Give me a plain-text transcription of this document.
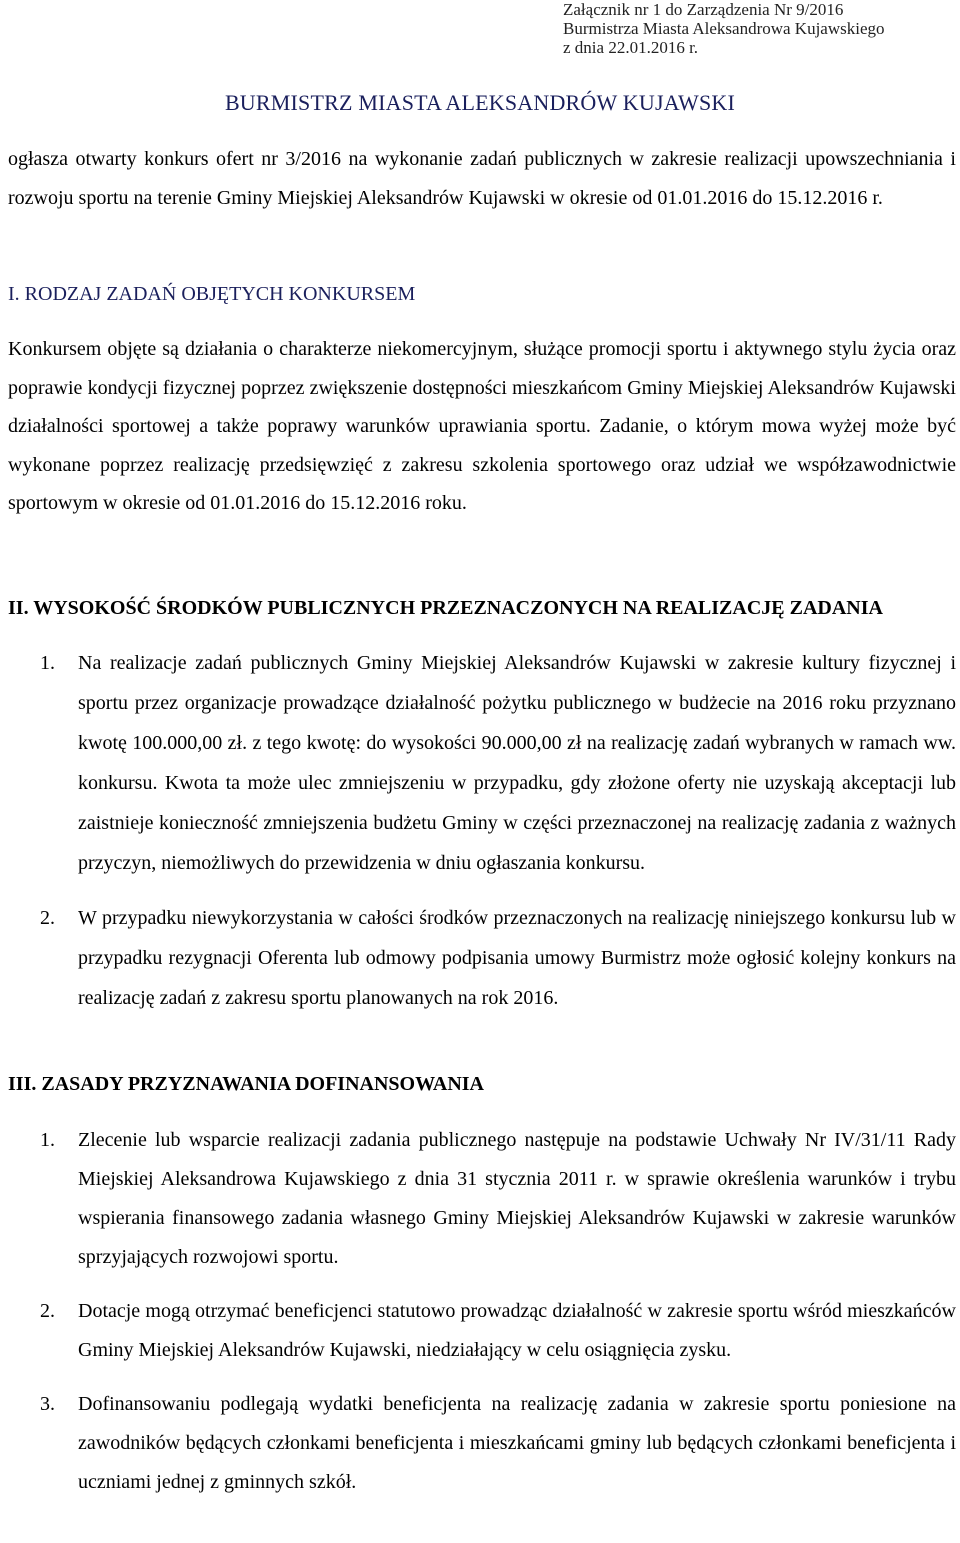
Załącznik nr 1 do Zarządzenia Nr 9/2016
Burmistrza Miasta Aleksandrowa Kujawskiego
z dnia 22.01.2016 r.
BURMISTRZ MIASTA ALEKSANDRÓW KUJAWSKI
ogłasza otwarty konkurs ofert nr 3/2016 na wykonanie zadań publicznych w zakresie realizacji upowszechniania i rozwoju sportu na terenie Gminy Miejskiej Aleksandrów Kujawski w okresie od 01.01.2016 do 15.12.2016 r.
I. RODZAJ ZADAŃ OBJĘTYCH KONKURSEM
Konkursem objęte są działania o charakterze niekomercyjnym, służące promocji sportu i aktywnego stylu życia oraz poprawie kondycji fizycznej poprzez zwiększenie dostępności mieszkańcom Gminy Miejskiej Aleksandrów Kujawski działalności sportowej a także poprawy warunków uprawiania sportu. Zadanie, o którym mowa wyżej może być wykonane poprzez realizację przedsięwzięć z zakresu szkolenia sportowego oraz udział we współzawodnictwie sportowym w okresie od 01.01.2016 do 15.12.2016 roku.
II. WYSOKOŚĆ ŚRODKÓW PUBLICZNYCH PRZEZNACZONYCH NA REALIZACJĘ ZADANIA
1. Na realizacje zadań publicznych Gminy Miejskiej Aleksandrów Kujawski w zakresie kultury fizycznej i sportu przez organizacje prowadzące działalność pożytku publicznego w budżecie na 2016 roku przyznano kwotę 100.000,00 zł. z tego kwotę: do wysokości 90.000,00 zł na realizację zadań wybranych w ramach ww. konkursu. Kwota ta może ulec zmniejszeniu w przypadku, gdy złożone oferty nie uzyskają akceptacji lub zaistnieje konieczność zmniejszenia budżetu Gminy w części przeznaczonej na realizację zadania z ważnych przyczyn, niemożliwych do przewidzenia w dniu ogłaszania konkursu.
2. W przypadku niewykorzystania w całości środków przeznaczonych na realizację niniejszego konkursu lub w przypadku rezygnacji Oferenta lub odmowy podpisania umowy Burmistrz może ogłosić kolejny konkurs na realizację zadań z zakresu sportu planowanych na rok 2016.
III. ZASADY PRZYZNAWANIA DOFINANSOWANIA
1. Zlecenie lub wsparcie realizacji zadania publicznego następuje na podstawie Uchwały Nr IV/31/11 Rady Miejskiej Aleksandrowa Kujawskiego z dnia 31 stycznia 2011 r. w sprawie określenia warunków i trybu wspierania finansowego zadania własnego Gminy Miejskiej Aleksandrów Kujawski w zakresie warunków sprzyjających rozwojowi sportu.
2. Dotacje mogą otrzymać beneficjenci statutowo prowadząc działalność w zakresie sportu wśród mieszkańców Gminy Miejskiej Aleksandrów Kujawski, niedziałający w celu osiągnięcia zysku.
3. Dofinansowaniu podlegają wydatki beneficjenta na realizację zadania w zakresie sportu poniesione na zawodników będących członkami beneficjenta i mieszkańcami gminy lub będących członkami beneficjenta i uczniami jednej z gminnych szkół.
